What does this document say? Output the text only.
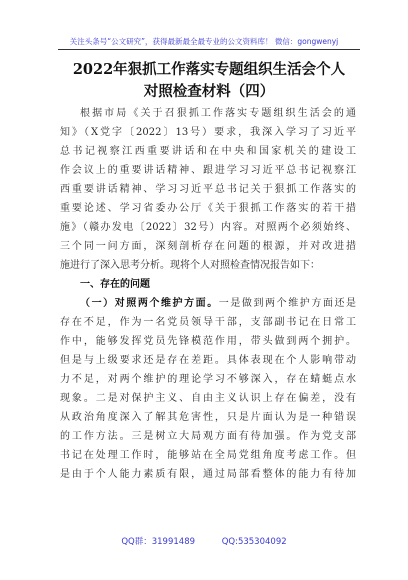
关注头条号“公文研究”，获得最新最全最专业的公文资料库！ 微信：gongwenyj
2022年狠抓工作落实专题组织生活会个人
对照检查材料（四）
根据市局《关于召狠抓工作落实专题组织生活会的通
知》（X党字〔2022〕13号）要求，我深入学习了习近平
总书记视察江西重要讲话和在中央和国家机关的建设工
作会议上的重要讲话精神、跟进学习习近平总书记视察江
西重要讲话精神、学习习近平总书记关于狠抓工作落实的
重要论述、学习省委办公厅《关于狠抓工作落实的若干措
施》（赣办发电〔2022〕32号）内容。对照两个必须始终、
三个同一问方面，深刻剖析存在问题的根源，并对改进措
施进行了深入思考分析。现将个人对照检查情况报告如下：
一、存在的问题
（一）对照两个维护方面。一是做到两个维护方面还是
存在不足，作为一名党员领导干部，支部副书记在日常工
作中，能够发挥党员先锋模范作用，带头做到两个拥护。
但是与上级要求还是存在差距。具体表现在个人影响带动
力不足，对两个维护的理论学习不够深入，存在蜻蜓点水
现象。二是对保护主义、自由主义认识上存在偏差，没有
从政治角度深入了解其危害性，只是片面认为是一种错误
的工作方法。三是树立大局观方面有待加强。作为党支部
书记在处理工作时，能够站在全局党组角度考虑工作。但
是由于个人能力素质有限，通过局部看整体的能力有待加
QQ群：31991489	QQ:535304092
